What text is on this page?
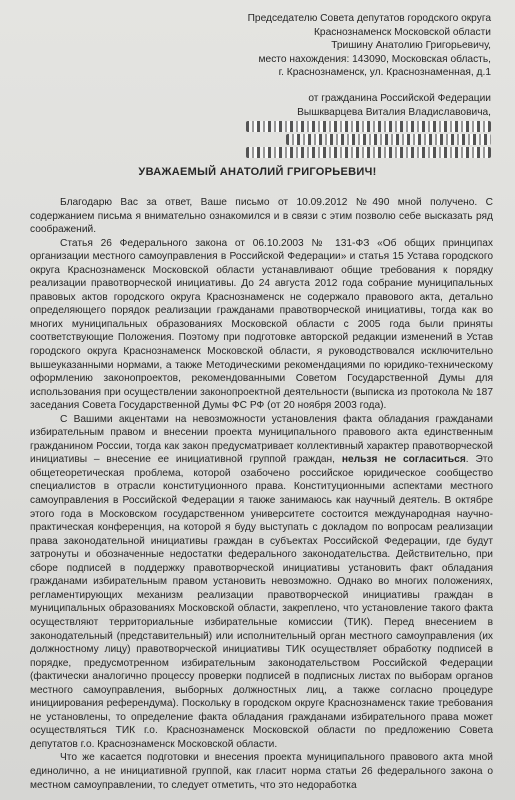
Председателю Совета депутатов городского округа
Краснознаменск Московской области
Тришину Анатолию Григорьевичу,
место нахождения: 143090, Московская область,
г. Краснознаменск, ул. Краснознаменная, д.1
от гражданина Российской Федерации
Вышкварцева Виталия Владиславовича,
УВАЖАЕМЫЙ АНАТОЛИЙ ГРИГОРЬЕВИЧ!

Благодарю Вас за ответ, Ваше письмо от 10.09.2012 №490 мной получено. С содержанием письма я внимательно ознакомился и в связи с этим позволю себе высказать ряд соображений.

Статья 26 Федерального закона от 06.10.2003 № 131-ФЗ «Об общих принципах организации местного самоуправления в Российской Федерации» и статья 15 Устава городского округа Краснознаменск Московской области устанавливают общие требования к порядку реализации правотворческой инициативы. До 24 августа 2012 года собрание муниципальных правовых актов городского округа Краснознаменск не содержало правового акта, детально определяющего порядок реализации гражданами правотворческой инициативы, тогда как во многих муниципальных образованиях Московской области с 2005 года были приняты соответствующие Положения. Поэтому при подготовке авторской редакции изменений в Устав городского округа Краснознаменск Московской области, я руководствовался исключительно вышеуказанными нормами, а также Методическими рекомендациями по юридико-техническому оформлению законопроектов, рекомендованными Советом Государственной Думы для использования при осуществлении законопроектной деятельности (выписка из протокола № 187 заседания Совета Государственной Думы ФС РФ (от 20 ноября 2003 года).

С Вашими акцентами на невозможности установления факта обладания гражданами избирательным правом и внесении проекта муниципального правового акта единственным гражданином России, тогда как закон предусматривает коллективный характер правотворческой инициативы – внесение ее инициативной группой граждан, нельзя не согласиться. Это общетеоретическая проблема, которой озабочено российское юридическое сообщество специалистов в отрасли конституционного права. Конституционными аспектами местного самоуправления в Российской Федерации я также занимаюсь как научный деятель. В октябре этого года в Московском государственном университете состоится международная научно-практическая конференция, на которой я буду выступать с докладом по вопросам реализации права законодательной инициативы граждан в субъектах Российской Федерации, где будут затронуты и обозначенные недостатки федерального законодательства. Действительно, при сборе подписей в поддержку правотворческой инициативы установить факт обладания гражданами избирательным правом установить невозможно. Однако во многих положениях, регламентирующих механизм реализации правотворческой инициативы граждан в муниципальных образованиях Московской области, закреплено, что установление такого факта осуществляют территориальные избирательные комиссии (ТИК). Перед внесением в законодательный (представительный) или исполнительный орган местного самоуправления (их должностному лицу) правотворческой инициативы ТИК осуществляет обработку подписей в порядке, предусмотренном избирательным законодательством Российской Федерации (фактически аналогично процессу проверки подписей в подписных листах по выборам органов местного самоуправления, выборных должностных лиц, а также согласно процедуре инициирования референдума). Поскольку в городском округе Краснознаменск такие требования не установлены, то определение факта обладания гражданами избирательного права может осуществляться ТИК г.о. Краснознаменск Московской области по предложению Совета депутатов г.о. Краснознаменск Московской области.

Что же касается подготовки и внесения проекта муниципального правового акта мной единолично, а не инициативной группой, как гласит норма статьи 26 федерального закона о местном самоуправлении, то следует отметить, что это недоработка
